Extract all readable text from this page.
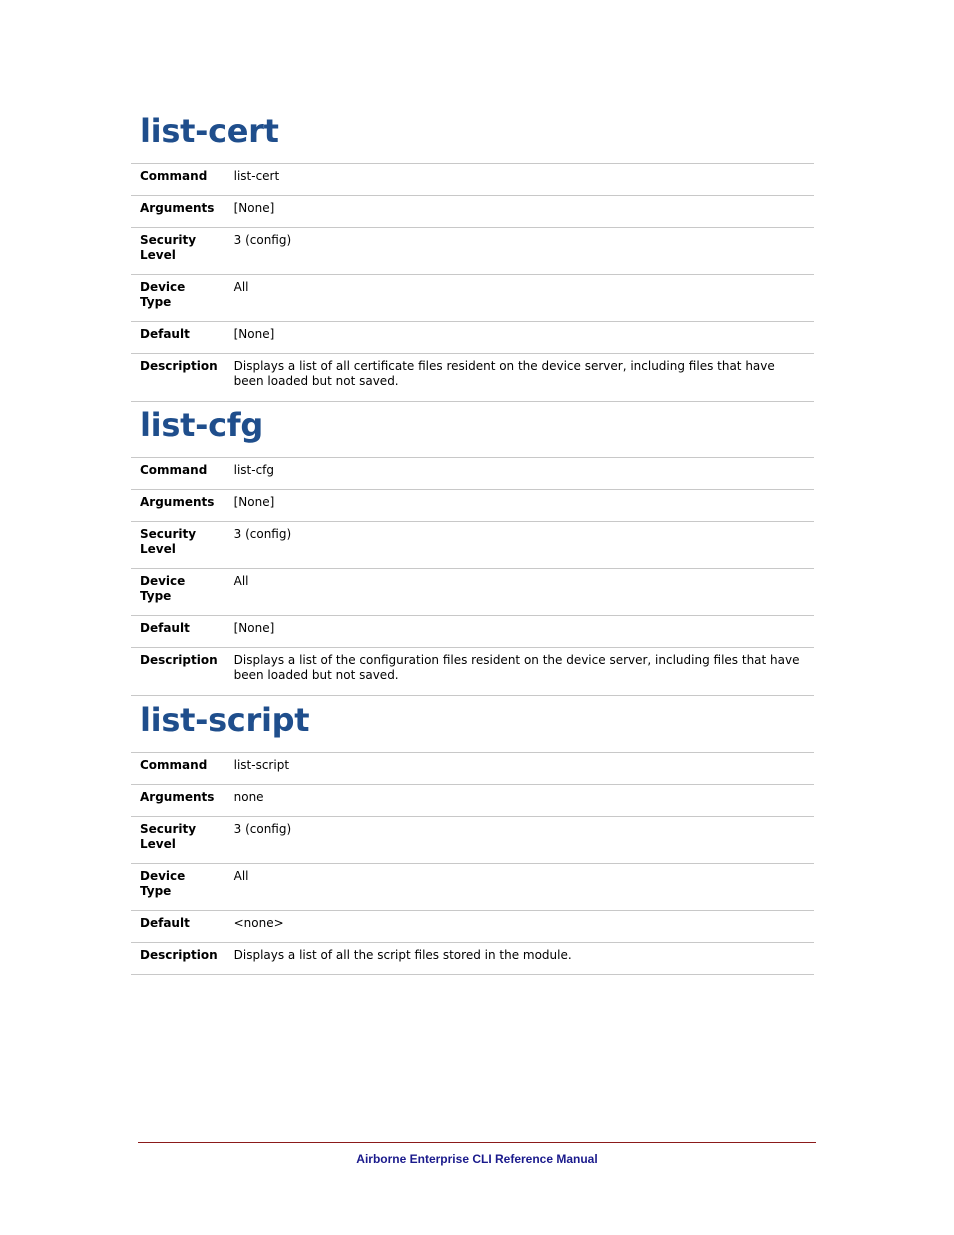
list-cert
Command	list-cert
Arguments	[None]
Security Level	3 (config)
Device Type	All
Default	[None]
Description	Displays a list of all certificate files resident on the device server, including files that have been loaded but not saved.
list-cfg
Command	list-cfg
Arguments	[None]
Security Level	3 (config)
Device Type	All
Default	[None]
Description	Displays a list of the configuration files resident on the device server, including files that have been loaded but not saved.
list-script
Command	list-script
Arguments	none
Security Level	3 (config)
Device Type	All
Default	<none>
Description	Displays a list of all the script files stored in the module.
Airborne Enterprise CLI Reference Manual
